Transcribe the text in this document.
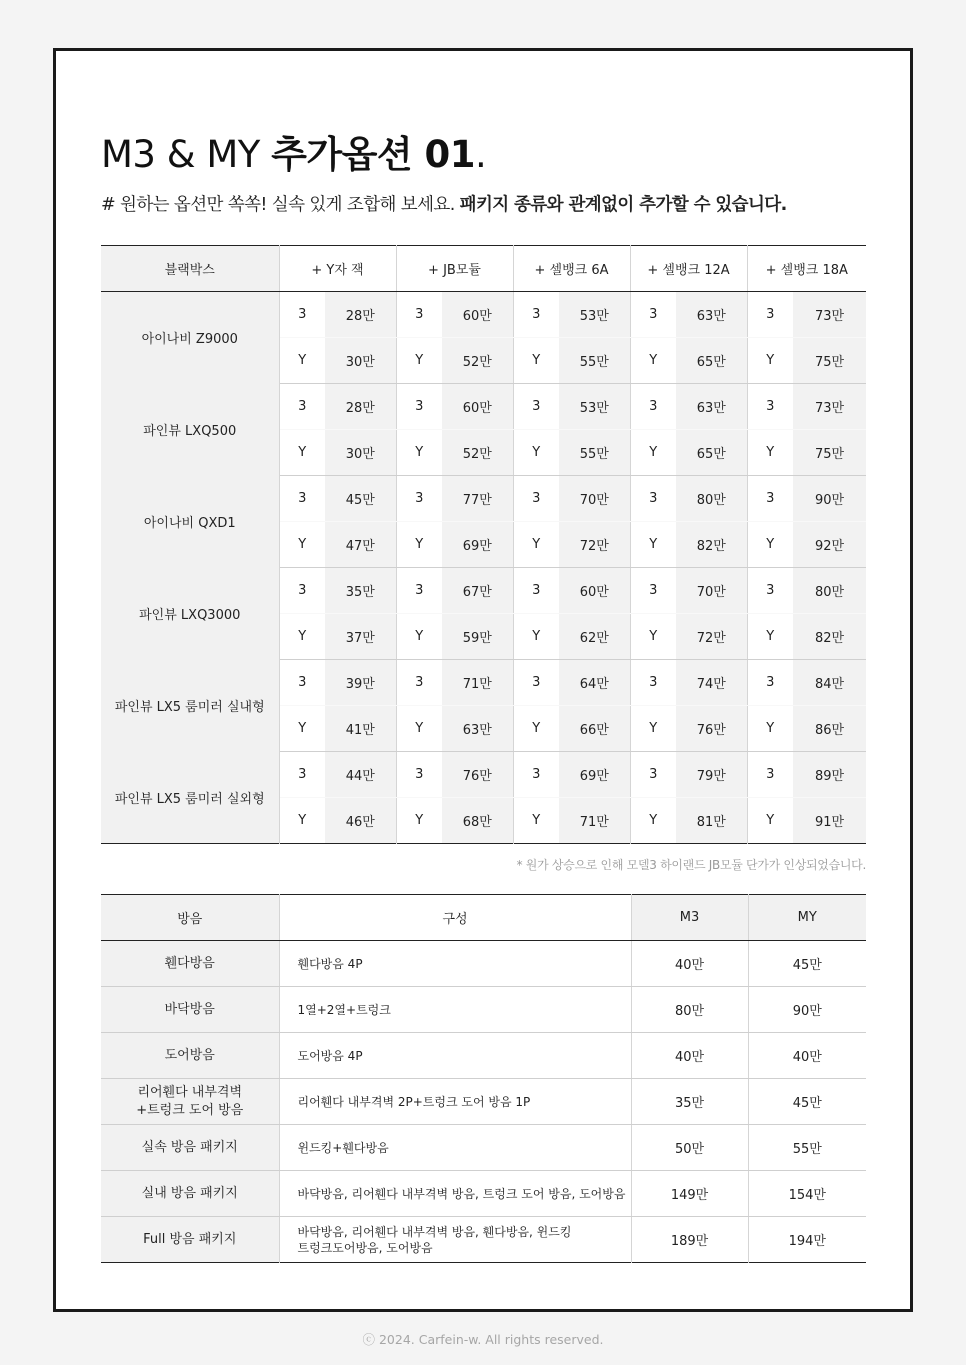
M3 & MY 추가옵션 01.

# 원하는 옵션만 쏙쏙! 실속 있게 조합해 보세요. 패키지 종류와 관계없이 추가할 수 있습니다.

블랙박스	+ Y자 잭		+ JB모듈		+ 셀뱅크 6A		+ 셀뱅크 12A		+ 셀뱅크 18A	
아이나비 Z9000	3	28만	3	60만	3	53만	3	63만	3	73만
	Y	30만	Y	52만	Y	55만	Y	65만	Y	75만
파인뷰 LXQ500	3	28만	3	60만	3	53만	3	63만	3	73만
	Y	30만	Y	52만	Y	55만	Y	65만	Y	75만
아이나비 QXD1	3	45만	3	77만	3	70만	3	80만	3	90만
	Y	47만	Y	69만	Y	72만	Y	82만	Y	92만
파인뷰 LXQ3000	3	35만	3	67만	3	60만	3	70만	3	80만
	Y	37만	Y	59만	Y	62만	Y	72만	Y	82만
파인뷰 LX5 룸미러 실내형	3	39만	3	71만	3	64만	3	74만	3	84만
	Y	41만	Y	63만	Y	66만	Y	76만	Y	86만
파인뷰 LX5 룸미러 실외형	3	44만	3	76만	3	69만	3	79만	3	89만
	Y	46만	Y	68만	Y	71만	Y	81만	Y	91만
* 원가 상승으로 인해 모델3 하이랜드 JB모듈 단가가 인상되었습니다.
방음	구성	M3	MY

휀다방음	휀다방음 4P	40만	45만

바닥방음	1열+2열+트렁크	80만	90만

도어방음	도어방음 4P	40만	40만

리어휀다 내부격벽
+트렁크 도어 방음	리어휀다 내부격벽 2P+트렁크 도어 방음 1P	35만	45만

실속 방음 패키지	윈드킹+휀다방음	50만	55만

실내 방음 패키지	바닥방음, 리어휀다 내부격벽 방음, 트렁크 도어 방음, 도어방음	149만	154만

Full 방음 패키지	바닥방음, 리어휀다 내부격벽 방음, 휀다방음, 윈드킹
트렁크도어방음, 도어방음	189만	194만
ⓒ 2024. Carfein-w. All rights reserved.
